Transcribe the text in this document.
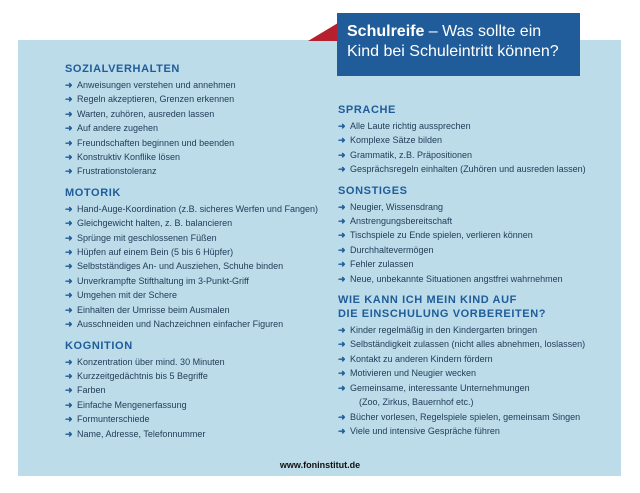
Schulreife – Was sollte ein
Kind bei Schuleintritt können?
SOZIALVERHALTEN
➜ Anweisungen verstehen und annehmen
➜ Regeln akzeptieren, Grenzen erkennen
➜ Warten, zuhören, ausreden lassen
➜ Auf andere zugehen
➜ Freundschaften beginnen und beenden
➜ Konstruktiv Konflike lösen
➜ Frustrationstoleranz
MOTORIK
➜ Hand-Auge-Koordination (z.B. sicheres Werfen und Fangen)
➜ Gleichgewicht halten, z. B. balancieren
➜ Sprünge mit geschlossenen Füßen
➜ Hüpfen auf einem Bein (5 bis 6 Hüpfer)
➜ Selbstständiges An- und Ausziehen, Schuhe binden
➜ Unverkrampfte Stifthaltung im 3-Punkt-Griff
➜ Umgehen mit der Schere
➜ Einhalten der Umrisse beim Ausmalen
➜ Ausschneiden und Nachzeichnen einfacher Figuren
KOGNITION
➜ Konzentration über mind. 30 Minuten
➜ Kurzzeitgedächtnis bis 5 Begriffe
➜ Farben
➜ Einfache Mengenerfassung
➜ Formunterschiede
➜ Name, Adresse, Telefonnummer
SPRACHE
➜ Alle Laute richtig aussprechen
➜ Komplexe Sätze bilden
➜ Grammatik, z.B. Präpositionen
➜ Gesprächsregeln einhalten (Zuhören und ausreden lassen)
SONSTIGES
➜ Neugier, Wissensdrang
➜ Anstrengungsbereitschaft
➜ Tischspiele zu Ende spielen, verlieren können
➜ Durchhaltevermögen
➜ Fehler zulassen
➜ Neue, unbekannte Situationen angstfrei wahrnehmen
WIE KANN ICH MEIN KIND AUF
DIE EINSCHULUNG VORBEREITEN?
➜ Kinder regelmäßig in den Kindergarten bringen
➜ Selbständigkeit zulassen (nicht alles abnehmen, loslassen)
➜ Kontakt zu anderen Kindern fördern
➜ Motivieren und Neugier wecken
➜ Gemeinsame, interessante Unternehmungen
(Zoo, Zirkus, Bauernhof etc.)
➜ Bücher vorlesen, Regelspiele spielen, gemeinsam Singen
➜ Viele und intensive Gespräche führen
www.foninstitut.de
